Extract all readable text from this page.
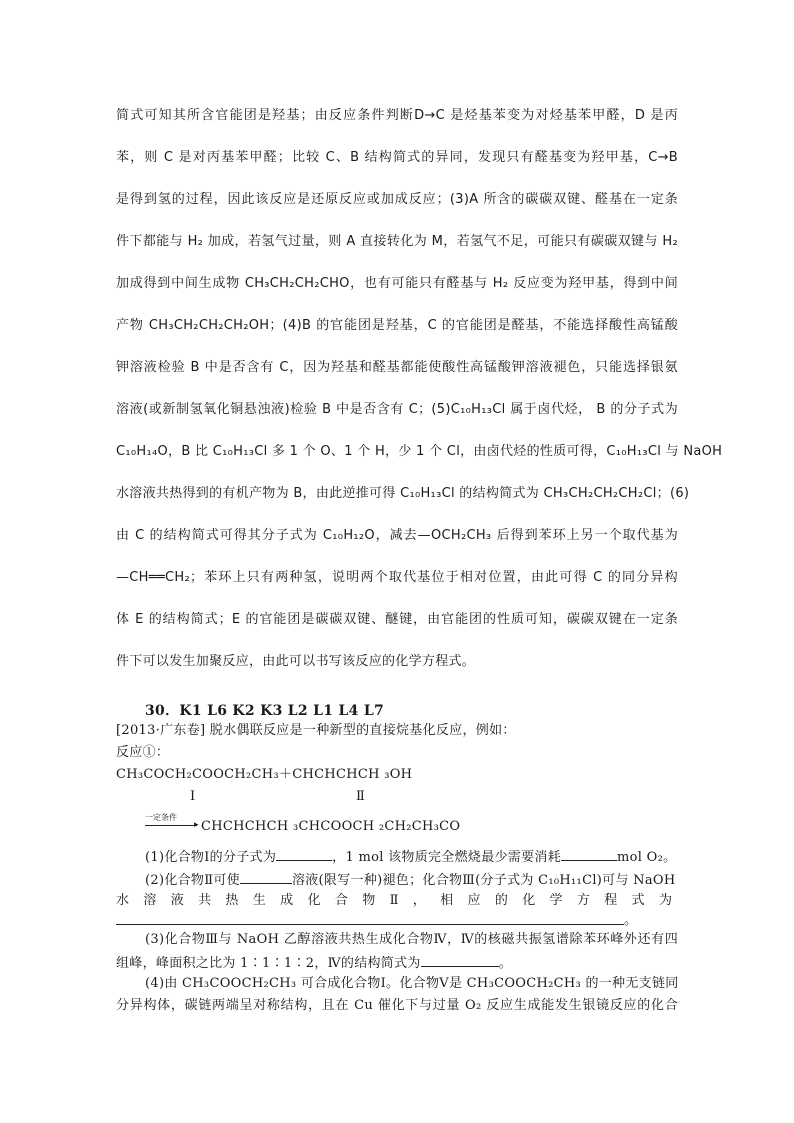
简式可知其所含官能团是羟基；由反应条件判断D→C 是烃基苯变为对烃基苯甲醛，D 是丙
苯，则 C 是对丙基苯甲醛；比较 C、B 结构简式的异同，发现只有醛基变为羟甲基，C→B
是得到氢的过程，因此该反应是还原反应或加成反应；(3)A 所含的碳碳双键、醛基在一定条
件下都能与 H₂ 加成，若氢气过量，则 A 直接转化为 M，若氢气不足，可能只有碳碳双键与 H₂
加成得到中间生成物 CH₃CH₂CH₂CHO，也有可能只有醛基与 H₂ 反应变为羟甲基，得到中间
产物 CH₃CH₂CH₂CH₂OH；(4)B 的官能团是羟基，C 的官能团是醛基，不能选择酸性高锰酸
钾溶液检验 B 中是否含有 C，因为羟基和醛基都能使酸性高锰酸钾溶液褪色，只能选择银氨
溶液(或新制氢氧化铜悬浊液)检验 B 中是否含有 C；(5)C₁₀H₁₃Cl 属于卤代烃， B 的分子式为
C₁₀H₁₄O，B 比 C₁₀H₁₃Cl 多 1 个 O、1 个 H，少 1 个 Cl，由卤代烃的性质可得，C₁₀H₁₃Cl 与 NaOH
水溶液共热得到的有机产物为 B，由此逆推可得 C₁₀H₁₃Cl 的结构简式为 CH₃CH₂CH₂CH₂Cl；(6)
由 C 的结构简式可得其分子式为 C₁₀H₁₂O，减去—OCH₂CH₃ 后得到苯环上另一个取代基为
—CH══CH₂；苯环上只有两种氢，说明两个取代基位于相对位置，由此可得 C 的同分异构
体 E 的结构简式；E 的官能团是碳碳双键、醚键，由官能团的性质可知，碳碳双键在一定条
件下可以发生加聚反应，由此可以书写该反应的化学方程式。
30．K1 L6 K2 K3 L2 L1 L4 L7
[2013·广东卷] 脱水偶联反应是一种新型的直接烷基化反应，例如：
反应①：
CH₃COCH₂COOCH₂CH₃＋CHCHCHCH ₃OH
Ⅰ	Ⅱ
一定条件
▸ CHCHCHCH ₃CHCOOCH ₂CH₂CH₃CO
(1)化合物Ⅰ的分子式为	，1 mol 该物质完全燃烧最少需要消耗	mol O₂。
(2)化合物Ⅱ可使	溶液(限写一种)褪色；化合物Ⅲ(分子式为 C₁₀H₁₁Cl)可与 NaOH
水溶液共热生成化合物Ⅱ，相应的化学方程式为
。
(3)化合物Ⅲ与 NaOH 乙醇溶液共热生成化合物Ⅳ，Ⅳ的核磁共振氢谱除苯环峰外还有四
组峰，峰面积之比为 1∶1∶1∶2，Ⅳ的结构简式为	。
(4)由 CH₃COOCH₂CH₃ 可合成化合物Ⅰ。化合物Ⅴ是 CH₃COOCH₂CH₃ 的一种无支链同
分异构体，碳链两端呈对称结构，且在 Cu 催化下与过量 O₂ 反应生成能发生银镜反应的化合
